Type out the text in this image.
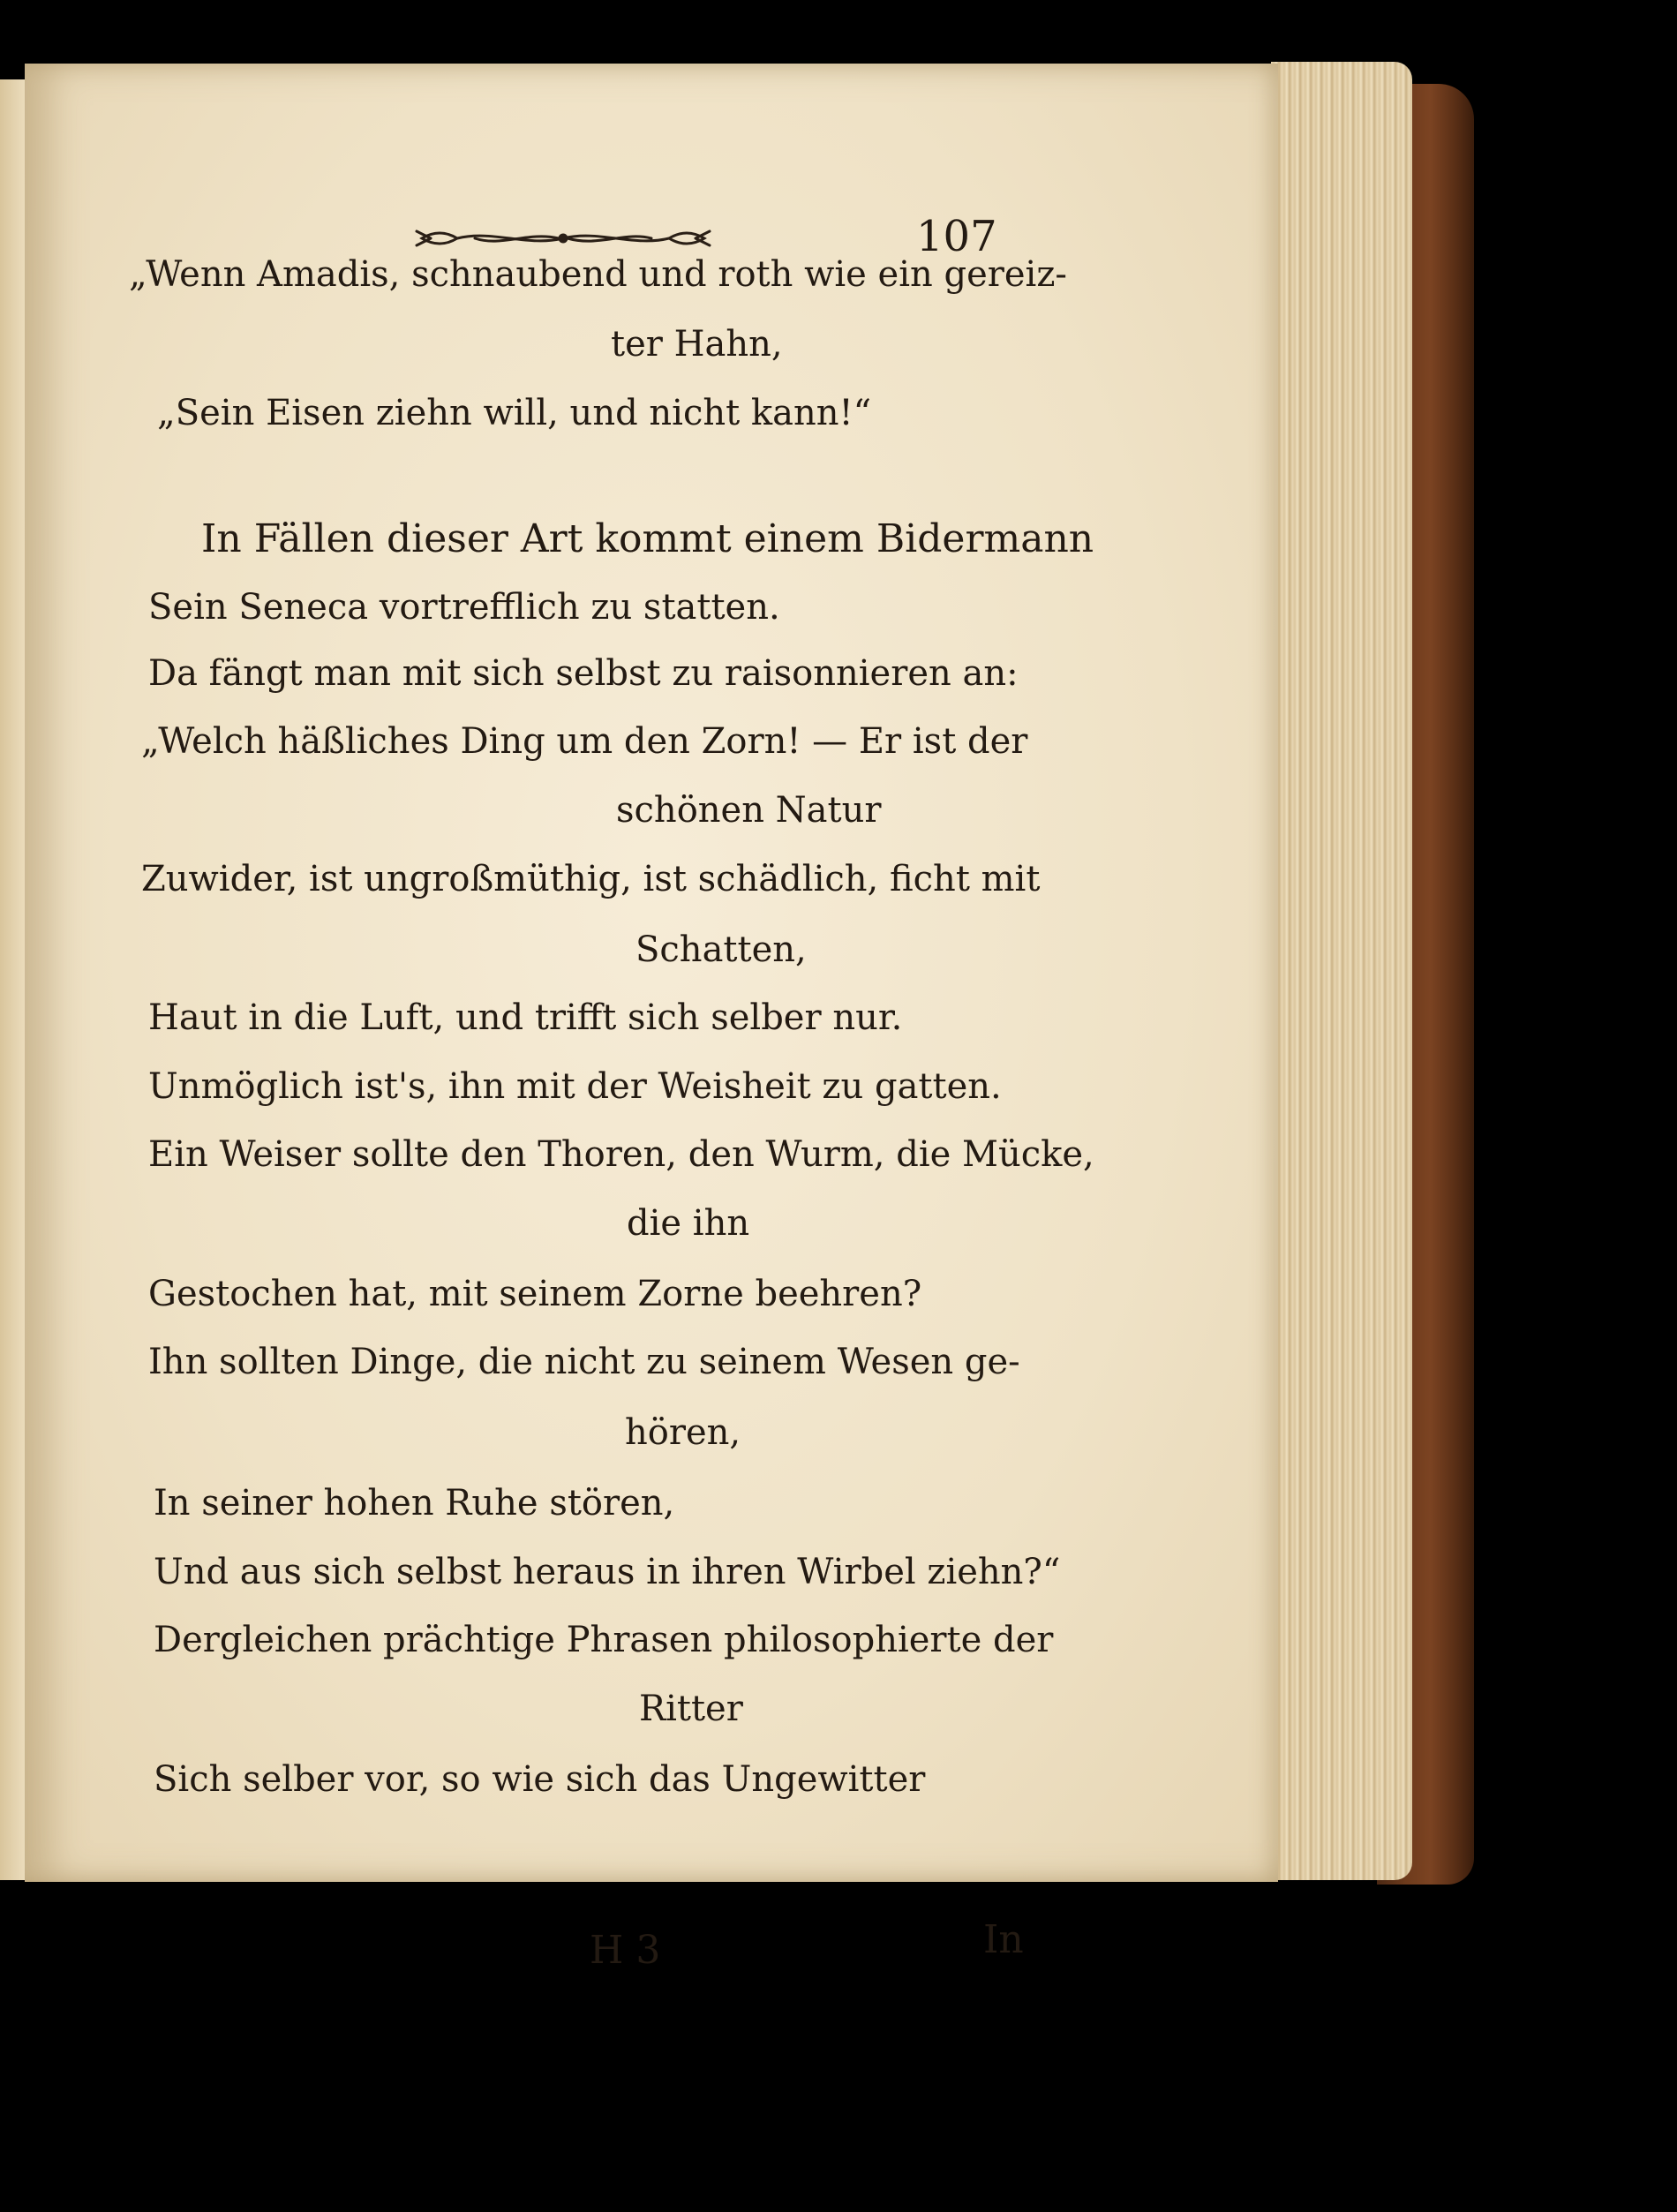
107
„Wenn Amadis, schnaubend und roth wie ein gereiz-
ter Hahn,
„Sein Eisen ziehn will, und nicht kann!“
In Fällen dieser Art kommt einem Bidermann
Sein Seneca vortrefflich zu statten.
Da fängt man mit sich selbst zu raisonnieren an:
„Welch häßliches Ding um den Zorn! — Er ist der
schönen Natur
Zuwider, ist ungroßmüthig, ist schädlich, ficht mit
Schatten,
Haut in die Luft, und trifft sich selber nur.
Unmöglich ist's, ihn mit der Weisheit zu gatten.
Ein Weiser sollte den Thoren, den Wurm, die Mücke,
die ihn
Gestochen hat, mit seinem Zorne beehren?
Ihn sollten Dinge, die nicht zu seinem Wesen ge-
hören,
In seiner hohen Ruhe stören,
Und aus sich selbst heraus in ihren Wirbel ziehn?“
Dergleichen prächtige Phrasen philosophierte der
Ritter
Sich selber vor, so wie sich das Ungewitter
H 3	In
